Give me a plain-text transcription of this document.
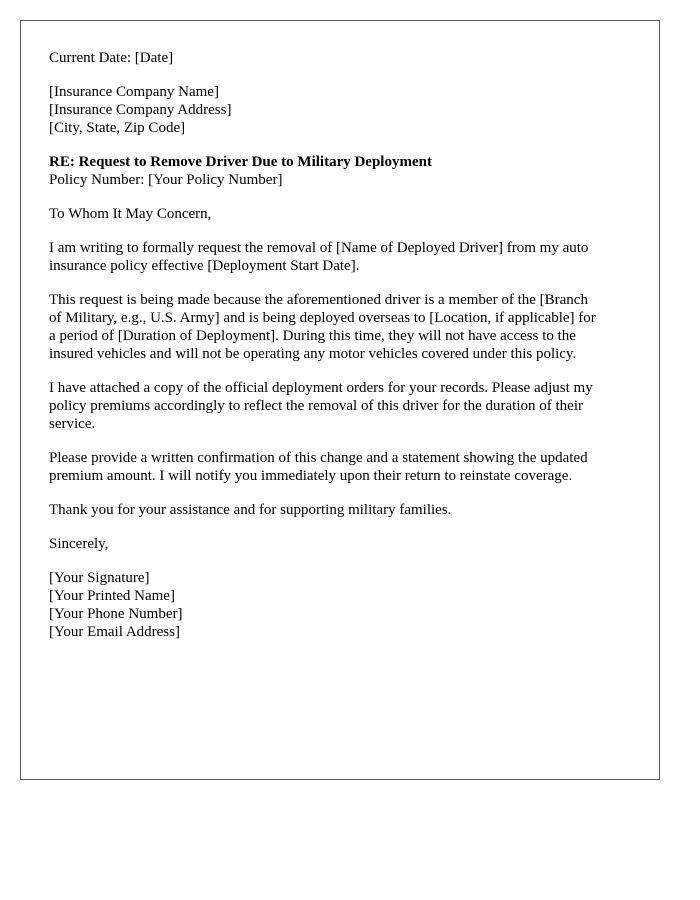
Current Date: [Date]
[Insurance Company Name]
[Insurance Company Address]
[City, State, Zip Code]
RE: Request to Remove Driver Due to Military Deployment
Policy Number: [Your Policy Number]
To Whom It May Concern,
I am writing to formally request the removal of [Name of Deployed Driver] from my auto
insurance policy effective [Deployment Start Date].
This request is being made because the aforementioned driver is a member of the [Branch
of Military, e.g., U.S. Army] and is being deployed overseas to [Location, if applicable] for
a period of [Duration of Deployment]. During this time, they will not have access to the
insured vehicles and will not be operating any motor vehicles covered under this policy.
I have attached a copy of the official deployment orders for your records. Please adjust my
policy premiums accordingly to reflect the removal of this driver for the duration of their
service.
Please provide a written confirmation of this change and a statement showing the updated
premium amount. I will notify you immediately upon their return to reinstate coverage.
Thank you for your assistance and for supporting military families.
Sincerely,
[Your Signature]
[Your Printed Name]
[Your Phone Number]
[Your Email Address]
